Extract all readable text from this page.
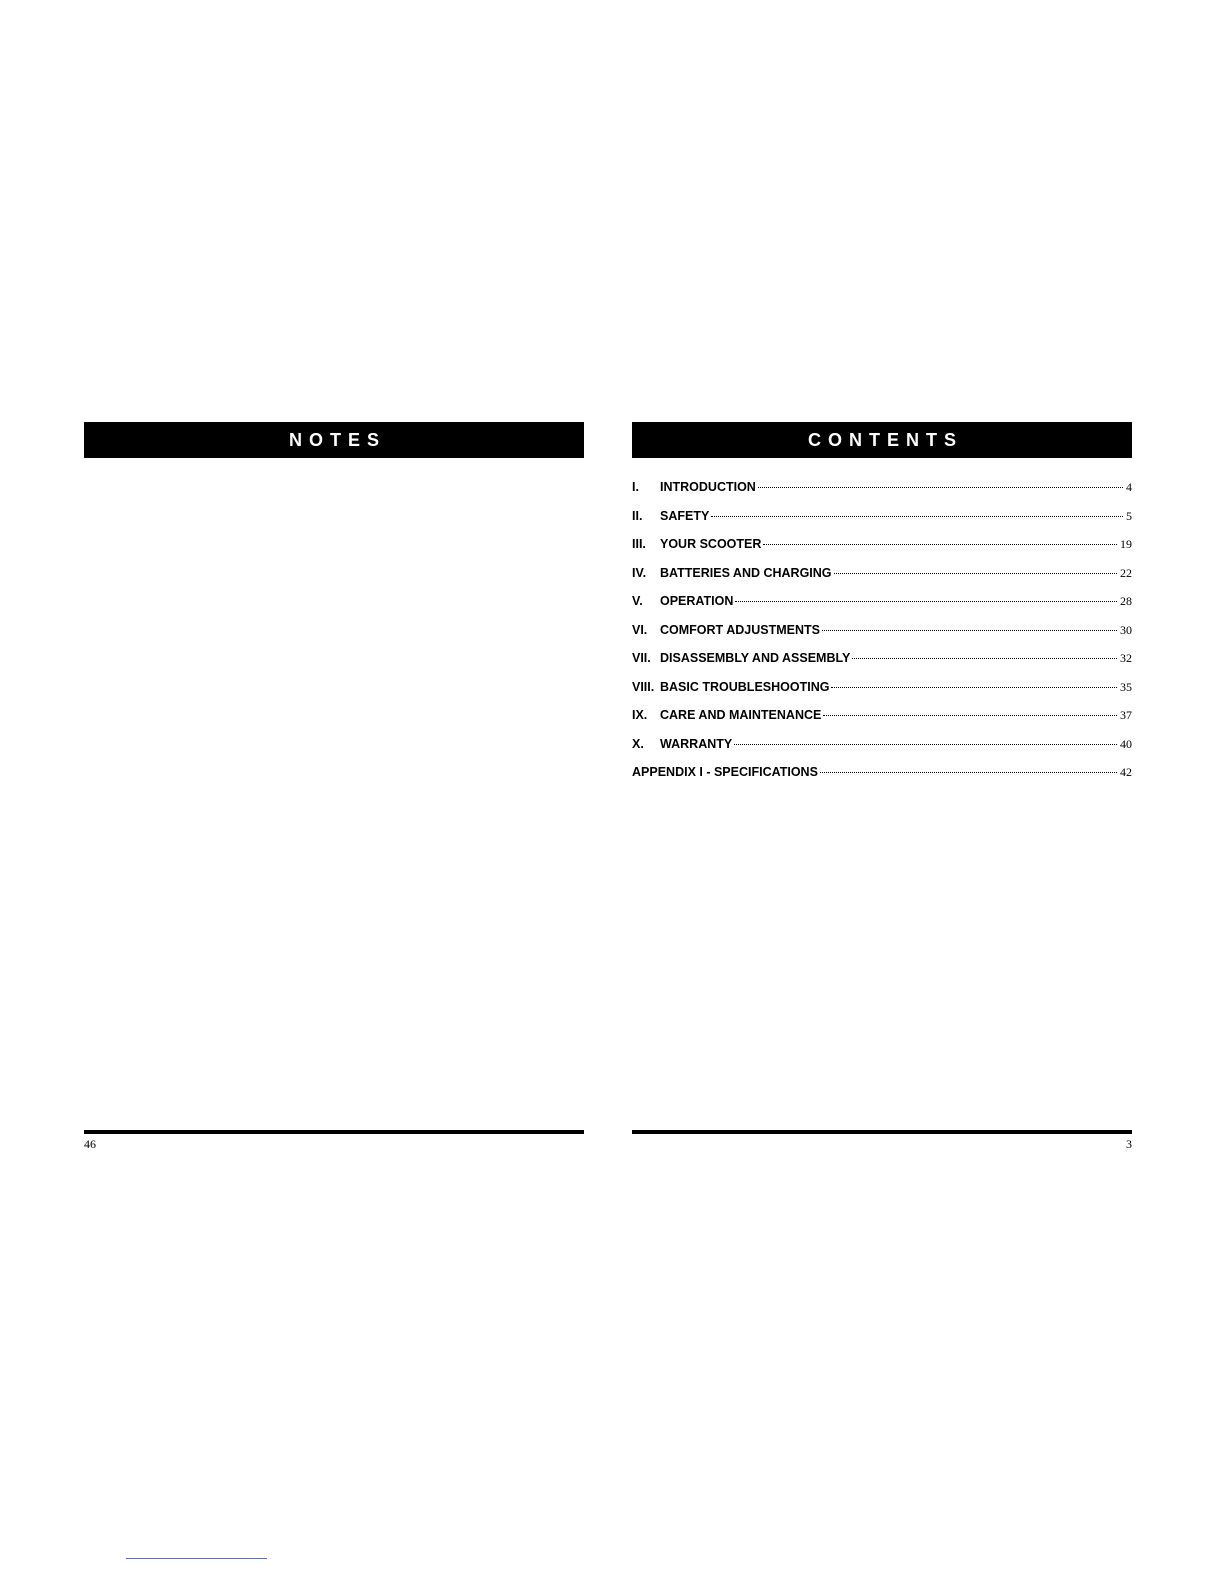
NOTES
46
CONTENTS
I.	INTRODUCTION	4
II.	SAFETY	5
III.	YOUR SCOOTER	19
IV.	BATTERIES AND CHARGING	22
V.	OPERATION	28
VI.	COMFORT ADJUSTMENTS	30
VII. DISASSEMBLY AND ASSEMBLY	32
VIII. BASIC TROUBLESHOOTING	35
IX.	CARE AND MAINTENANCE	37
X.	WARRANTY	40
APPENDIX I - SPECIFICATIONS	42
3
